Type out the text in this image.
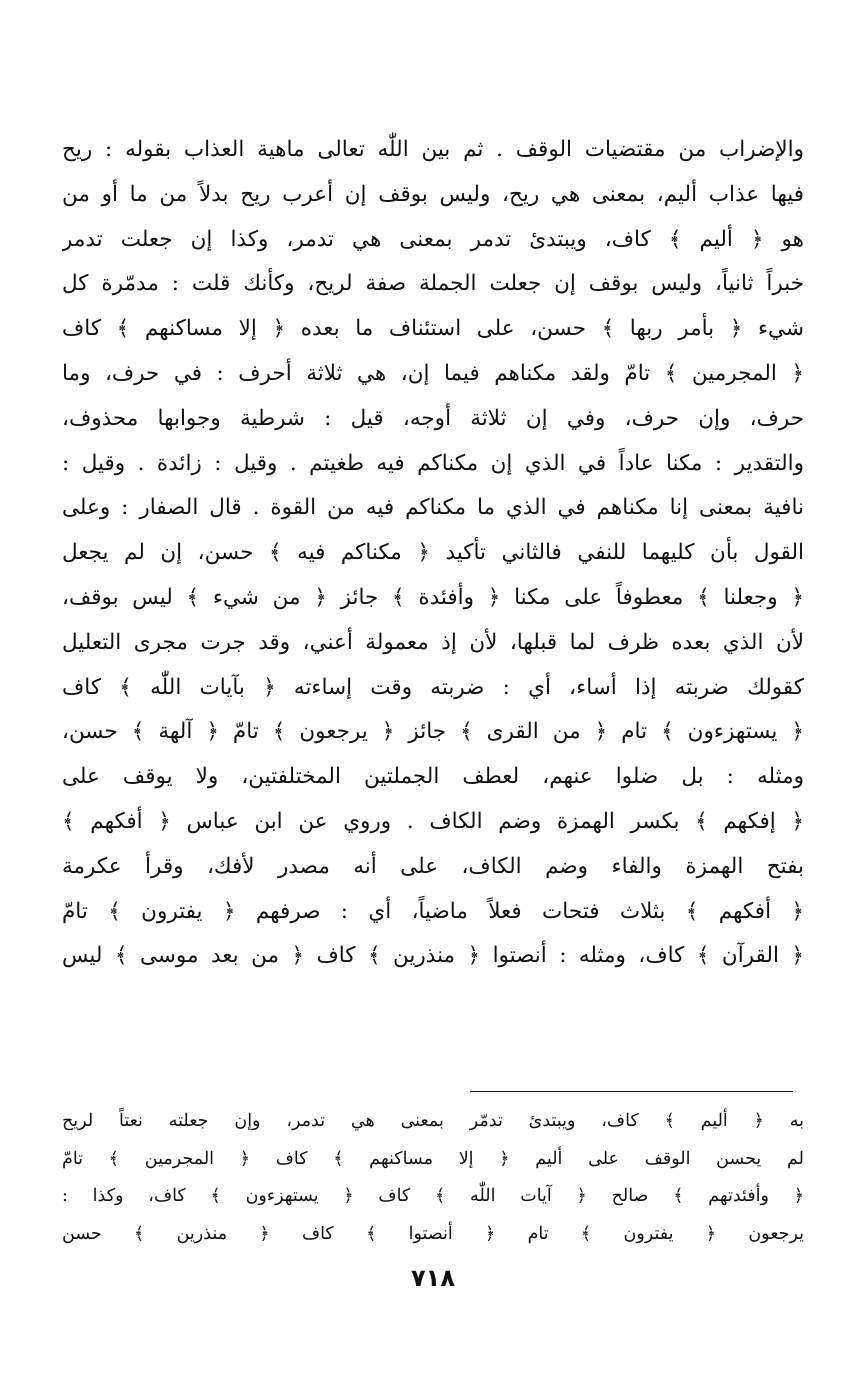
والإضراب من مقتضيات الوقف . ثم بين اللّٰه تعالى ماهية العذاب بقوله : ريح
فيها عذاب أليم، بمعنى هي ريح، وليس بوقف إن أعرب ريح بدلاً من ما أو من
هو ﴿ أليم ﴾ كاف، ويبتدئ تدمر بمعنى هي تدمر، وكذا إن جعلت تدمر
خبراً ثانياً، وليس بوقف إن جعلت الجملة صفة لريح، وكأنك قلت : مدمّرة كل
شيء ﴿ بأمر ربها ﴾ حسن، على استئناف ما بعده ﴿ إلا مساكنهم ﴾ كاف
﴿ المجرمين ﴾ تامّ ولقد مكناهم فيما إن، هي ثلاثة أحرف : في حرف، وما
حرف، وإن حرف، وفي إن ثلاثة أوجه، قيل : شرطية وجوابها محذوف،
والتقدير : مكنا عاداً في الذي إن مكناكم فيه طغيتم . وقيل : زائدة . وقيل :
نافية بمعنى إنا مكناهم في الذي ما مكناكم فيه من القوة . قال الصفار : وعلى
القول بأن كليهما للنفي فالثاني تأكيد ﴿ مكناكم فيه ﴾ حسن، إن لم يجعل
﴿ وجعلنا ﴾ معطوفاً على مكنا ﴿ وأفئدة ﴾ جائز ﴿ من شيء ﴾ ليس بوقف،
لأن الذي بعده ظرف لما قبلها، لأن إذ معمولة أعني، وقد جرت مجرى التعليل
كقولك ضربته إذا أساء، أي : ضربته وقت إساءته ﴿ بآيات اللّٰه ﴾ كاف
﴿ يستهزءون ﴾ تام ﴿ من القرى ﴾ جائز ﴿ يرجعون ﴾ تامّ ﴿ آلهة ﴾ حسن،
ومثله : بل ضلوا عنهم، لعطف الجملتين المختلفتين، ولا يوقف على
﴿ إفكهم ﴾ بكسر الهمزة وضم الكاف . وروي عن ابن عباس ﴿ أفكهم ﴾
بفتح الهمزة والفاء وضم الكاف، على أنه مصدر لأفك، وقرأ عكرمة
﴿ أفكهم ﴾ بثلاث فتحات فعلاً ماضياً، أي : صرفهم ﴿ يفترون ﴾ تامّ
﴿ القرآن ﴾ كاف، ومثله : أنصتوا ﴿ منذرين ﴾ كاف ﴿ من بعد موسى ﴾ ليس
به ﴿ أليم ﴾ كاف، ويبتدئ تدمّر بمعنى هي تدمر، وإن جعلته نعتاً لريح
لم يحسن الوقف على أليم ﴿ إلا مساكنهم ﴾ كاف ﴿ المجرمين ﴾ تامّ
﴿ وأفئدتهم ﴾ صالح ﴿ آيات اللّٰه ﴾ كاف ﴿ يستهزءون ﴾ كاف، وكذا :
يرجعون ﴿ يفترون ﴾ تام ﴿ أنصتوا ﴾ كاف ﴿ منذرين ﴾ حسن
٧١٨
